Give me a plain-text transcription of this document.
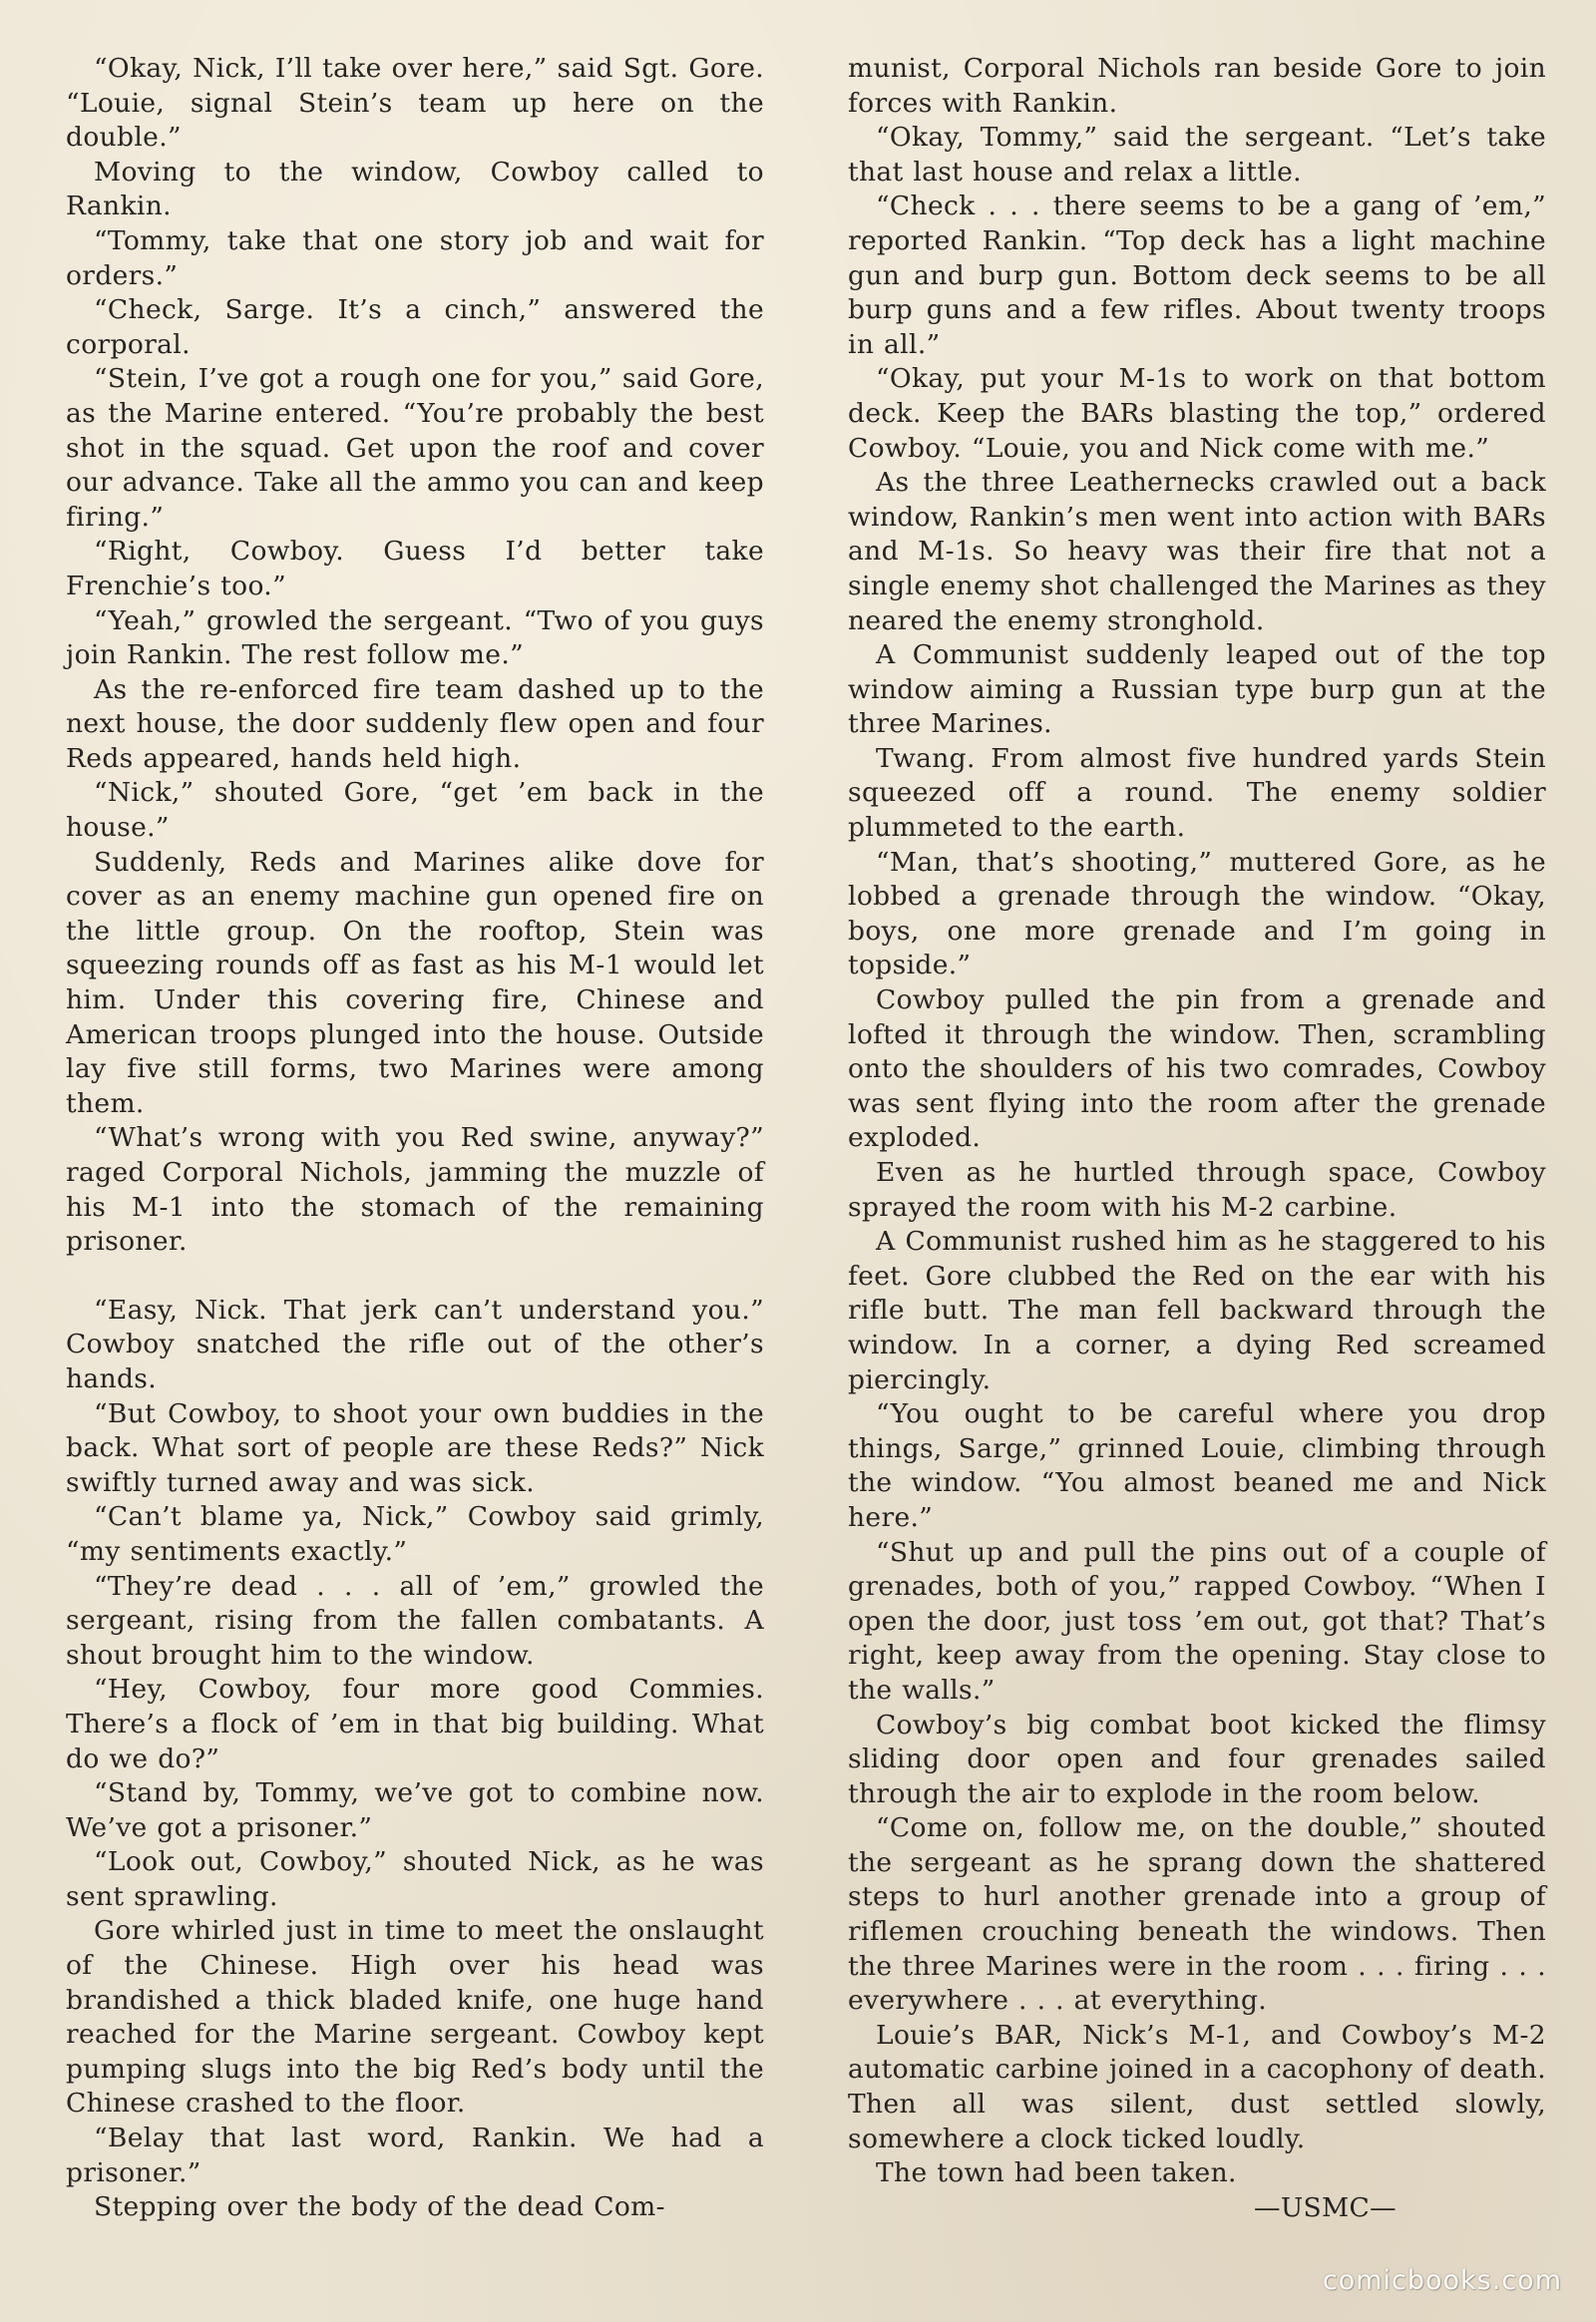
“Okay, Nick, I’ll take over here,” said Sgt. Gore. “Louie, signal Stein’s team up here on the double.”

Moving to the window, Cowboy called to Rankin.

“Tommy, take that one story job and wait for orders.”

“Check, Sarge. It’s a cinch,” answered the corporal.

“Stein, I’ve got a rough one for you,” said Gore, as the Marine entered. “You’re probably the best shot in the squad. Get upon the roof and cover our advance. Take all the ammo you can and keep firing.”

“Right, Cowboy. Guess I’d better take Frenchie’s too.”

“Yeah,” growled the sergeant. “Two of you guys join Rankin. The rest follow me.”

As the re-enforced fire team dashed up to the next house, the door suddenly flew open and four Reds appeared, hands held high.

“Nick,” shouted Gore, “get ’em back in the house.”

Suddenly, Reds and Marines alike dove for cover as an enemy machine gun opened fire on the little group. On the rooftop, Stein was squeezing rounds off as fast as his M-1 would let him. Under this covering fire, Chinese and American troops plunged into the house. Outside lay five still forms, two Marines were among them.

“What’s wrong with you Red swine, anyway?” raged Corporal Nichols, jamming the muzzle of his M-1 into the stomach of the remaining prisoner.

“Easy, Nick. That jerk can’t understand you.” Cowboy snatched the rifle out of the other’s hands.

“But Cowboy, to shoot your own buddies in the back. What sort of people are these Reds?” Nick swiftly turned away and was sick.

“Can’t blame ya, Nick,” Cowboy said grimly, “my sentiments exactly.”

“They’re dead . . . all of ’em,” growled the sergeant, rising from the fallen combatants. A shout brought him to the window.

“Hey, Cowboy, four more good Commies. There’s a flock of ’em in that big building. What do we do?”

“Stand by, Tommy, we’ve got to combine now. We’ve got a prisoner.”

“Look out, Cowboy,” shouted Nick, as he was sent sprawling.

Gore whirled just in time to meet the onslaught of the Chinese. High over his head was brandished a thick bladed knife, one huge hand reached for the Marine sergeant. Cowboy kept pumping slugs into the big Red’s body until the Chinese crashed to the floor.

“Belay that last word, Rankin. We had a prisoner.”

Stepping over the body of the dead Com-

munist, Corporal Nichols ran beside Gore to join forces with Rankin.

“Okay, Tommy,” said the sergeant. “Let’s take that last house and relax a little.

“Check . . . there seems to be a gang of ’em,” reported Rankin. “Top deck has a light machine gun and burp gun. Bottom deck seems to be all burp guns and a few rifles. About twenty troops in all.”

“Okay, put your M-1s to work on that bottom deck. Keep the BARs blasting the top,” ordered Cowboy. “Louie, you and Nick come with me.”

As the three Leathernecks crawled out a back window, Rankin’s men went into action with BARs and M-1s. So heavy was their fire that not a single enemy shot challenged the Marines as they neared the enemy stronghold.

A Communist suddenly leaped out of the top window aiming a Russian type burp gun at the three Marines.

Twang. From almost five hundred yards Stein squeezed off a round. The enemy soldier plummeted to the earth.

“Man, that’s shooting,” muttered Gore, as he lobbed a grenade through the window. “Okay, boys, one more grenade and I’m going in topside.”

Cowboy pulled the pin from a grenade and lofted it through the window. Then, scrambling onto the shoulders of his two comrades, Cowboy was sent flying into the room after the grenade exploded.

Even as he hurtled through space, Cowboy sprayed the room with his M-2 carbine.

A Communist rushed him as he staggered to his feet. Gore clubbed the Red on the ear with his rifle butt. The man fell backward through the window. In a corner, a dying Red screamed piercingly.

“You ought to be careful where you drop things, Sarge,” grinned Louie, climbing through the window. “You almost beaned me and Nick here.”

“Shut up and pull the pins out of a couple of grenades, both of you,” rapped Cowboy. “When I open the door, just toss ’em out, got that? That’s right, keep away from the opening. Stay close to the walls.”

Cowboy’s big combat boot kicked the flimsy sliding door open and four grenades sailed through the air to explode in the room below.

“Come on, follow me, on the double,” shouted the sergeant as he sprang down the shattered steps to hurl another grenade into a group of riflemen crouching beneath the windows. Then the three Marines were in the room . . . firing . . . everywhere . . . at everything.

Louie’s BAR, Nick’s M-1, and Cowboy’s M-2 automatic carbine joined in a cacophony of death. Then all was silent, dust settled slowly, somewhere a clock ticked loudly.

The town had been taken.

—USMC—

comicbooks.com
